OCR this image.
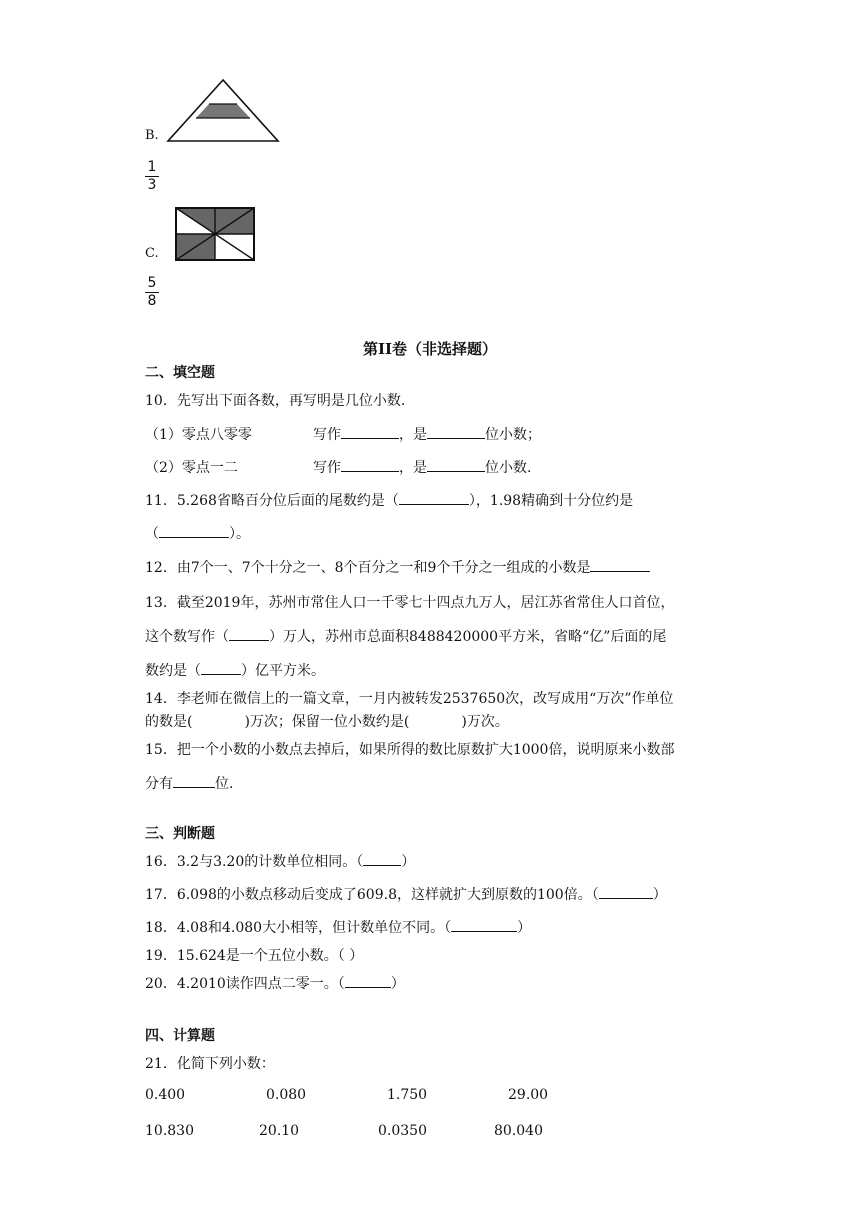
B.
1
3
C.
5
8
第II卷（非选择题）
二、填空题
10．先写出下面各数，再写明是几位小数.
（1）零点八零零	写作	，是	位小数；
（2）零点一二	写作	，是	位小数.
11．5.268省略百分位后面的尾数约是（	），1.98精确到十分位约是
（	）。
12．由7个一、7个十分之一、8个百分之一和9个千分之一组成的小数是
13．截至2019年，苏州市常住人口一千零七十四点九万人，居江苏省常住人口首位，
这个数写作（	）万人，苏州市总面积8488420000平方米，省略“亿”后面的尾
数约是（	）亿平方米。
14．李老师在微信上的一篇文章，一月内被转发2537650次，改写成用“万次”作单位
的数是(	)万次；保留一位小数约是(	)万次。
15．把一个小数的小数点去掉后，如果所得的数比原数扩大1000倍，说明原来小数部
分有	位.
三、判断题
16．3.2与3.20的计数单位相同。（	）
17．6.098的小数点移动后变成了609.8，这样就扩大到原数的100倍。（	）
18．4.08和4.080大小相等，但计数单位不同。（	）
19．15.624是一个五位小数。（ ）
20．4.2010读作四点二零一。（	）
四、计算题
21．化简下列小数：
0.400	0.080	1.750	29.00
10.830	20.10	0.0350	80.040
